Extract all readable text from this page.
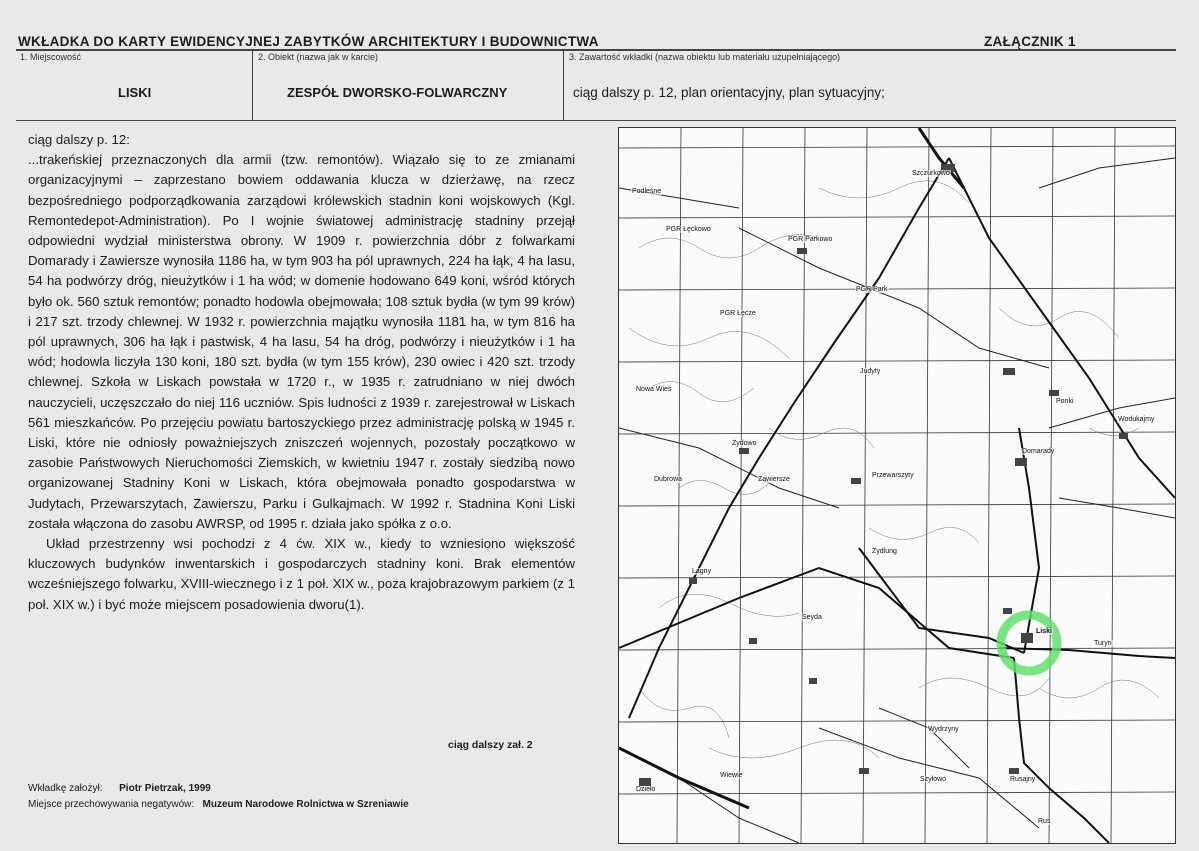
WKŁADKA DO KARTY EWIDENCYJNEJ ZABYTKÓW ARCHITEKTURY I BUDOWNICTWA	ZAŁĄCZNIK 1
1. Miejscowość
LISKI
2. Obiekt (nazwa jak w karcie)
ZESPÓŁ DWORSKO-FOLWARCZNY
3. Zawartość wkładki (nazwa obiektu lub materiału uzupełniającego)
ciąg dalszy p. 12, plan orientacyjny, plan sytuacyjny;

ciąg dalszy p. 12:

...trakeńskiej przeznaczonych dla armii (tzw. remontów). Wiązało się to ze zmianami organizacyjnymi – zaprzestano bowiem oddawania klucza w dzierżawę, na rzecz bezpośredniego podporządkowania zarządowi królewskich stadnin koni wojskowych (Kgl. Remontedepot-Administration). Po I wojnie światowej administrację stadniny przejął odpowiedni wydział ministerstwa obrony. W 1909 r. powierzchnia dóbr z folwarkami Domarady i Zawiersze wynosiła 1186 ha, w tym 903 ha pól uprawnych, 224 ha łąk, 4 ha lasu, 54 ha podwórzy dróg, nieużytków i 1 ha wód; w domenie hodowano 649 koni, wśród których było ok. 560 sztuk remontów; ponadto hodowla obejmowała; 108 sztuk bydła (w tym 99 krów) i 217 szt. trzody chlewnej. W 1932 r. powierzchnia majątku wynosiła 1181 ha, w tym 816 ha pól uprawnych, 306 ha łąk i pastwisk, 4 ha lasu, 54 ha dróg, podwórzy i nieużytków i 1 ha wód; hodowla liczyła 130 koni, 180 szt. bydła (w tym 155 krów), 230 owiec i 420 szt. trzody chlewnej. Szkoła w Liskach powstała w 1720 r., w 1935 r. zatrudniano w niej dwóch nauczycieli, uczęszczało do niej 116 uczniów. Spis ludności z 1939 r. zarejestrował w Liskach 561 mieszkańców. Po przejęciu powiatu bartoszyckiego przez administrację polską w 1945 r. Liski, które nie odniosły poważniejszych zniszczeń wojennych, pozostały początkowo w zasobie Państwowych Nieruchomości Ziemskich, w kwietniu 1947 r. zostały siedzibą nowo organizowanej Stadniny Koni w Liskach, która obejmowała ponadto gospodarstwa w Judytach, Przewarszytach, Zawierszu, Parku i Gulkajmach. W 1992 r. Stadnina Koni Liski została włączona do zasobu AWRSP, od 1995 r. działa jako spółka z o.o.

Układ przestrzenny wsi pochodzi z 4 ćw. XIX w., kiedy to wzniesiono większość kluczowych budynków inwentarskich i gospodarczych stadniny koni. Brak elementów wcześniejszego folwarku, XVIII-wiecznego i z 1 poł. XIX w., poza krajobrazowym parkiem (z 1 poł. XIX w.) i być może miejscem posadowienia dworu(1).

ciąg dalszy zał. 2
Wkładkę założył: Piotr Pietrzak, 1999
Miejsce przechowywania negatywów: Muzeum Narodowe Rolnictwa w Szreniawie
Szczurkowo
PGR Park
Ponki
PGR Parkowo
Podleśne
PGR Łęckowo
PGR Łęcze
Nowa Wieś
Żydowo
Dubrowa	Zawiersze
Judyty
Domarady
Wodukajmy
Przewarszyty
Zydlung
Lagny
Liski
Turyn
Seyda
Wydrzyny
Szyłowo	Rusajny
Dzieło
Wiewie
Ruś
